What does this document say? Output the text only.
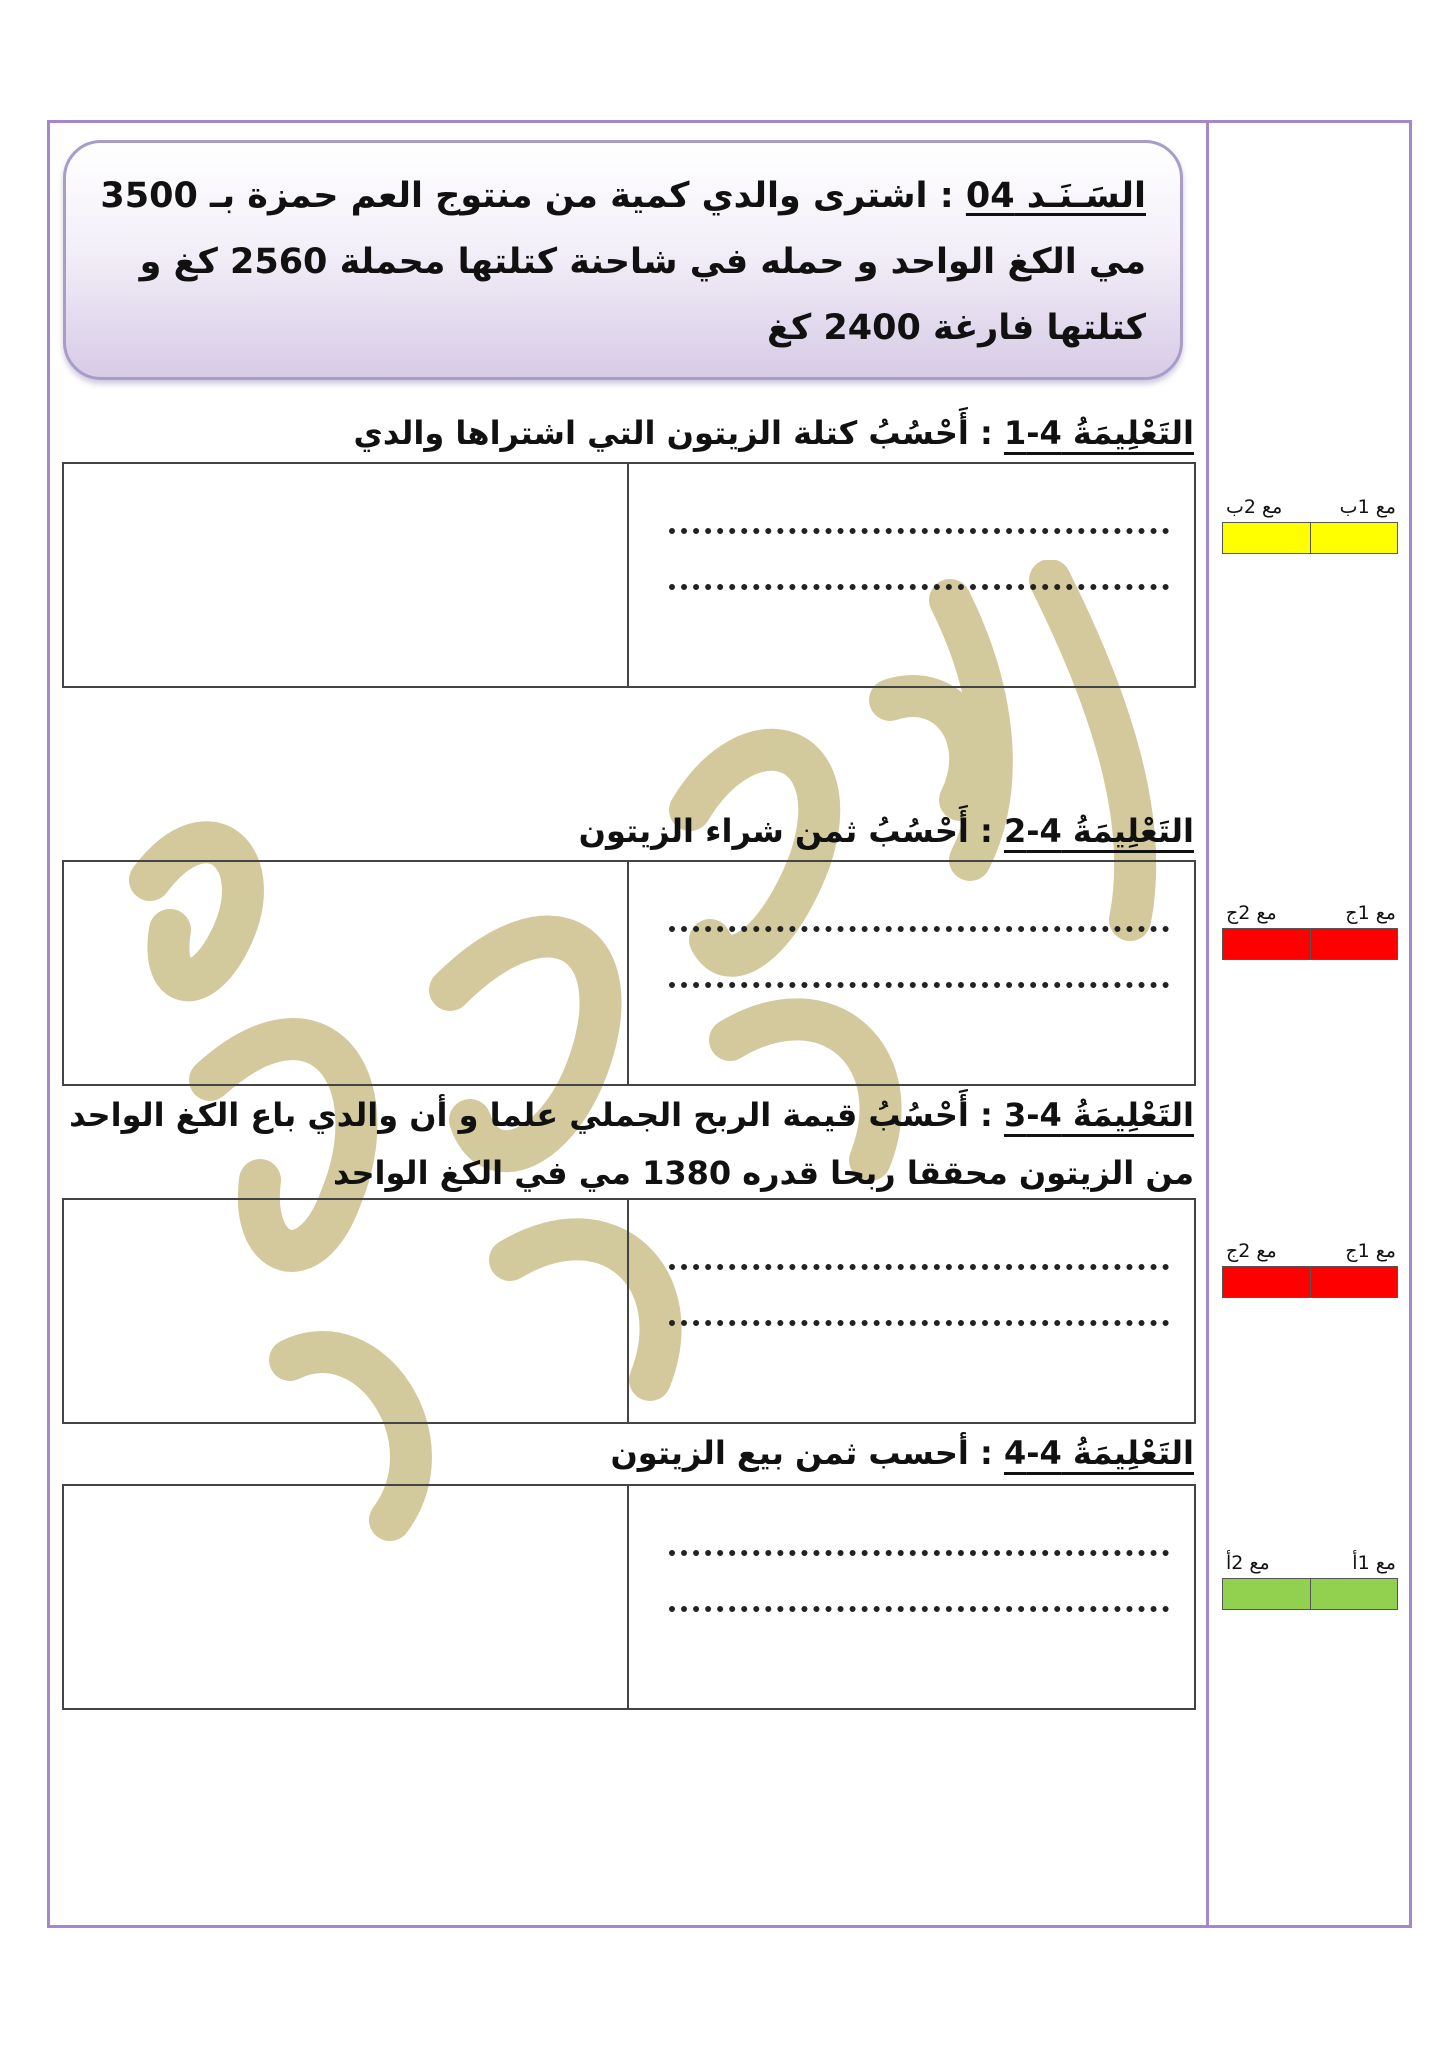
السَـنَـد 04 : اشترى والدي كمية من منتوج العم حمزة بـ 3500 مي الكغ الواحد و حمله في شاحنة كتلتها محملة 2560 كغ و كتلتها فارغة 2400 كغ
التَعْلِيمَةُ 4-1 : أَحْسُبُ كتلة الزيتون التي اشتراها والدي
التَعْلِيمَةُ 4-2 : أَحْسُبُ ثمن شراء الزيتون
التَعْلِيمَةُ 4-3 : أَحْسُبُ قيمة الربح الجملي علما و أن والدي باع الكغ الواحد من الزيتون محققا ربحا قدره 1380 مي في الكغ الواحد
التَعْلِيمَةُ 4-4 : أحسب ثمن بيع الزيتون
مع 2ب	مع 1ب
مع 2ج	مع 1ج
مع 2ج	مع 1ج
مع 2أ	مع 1أ
